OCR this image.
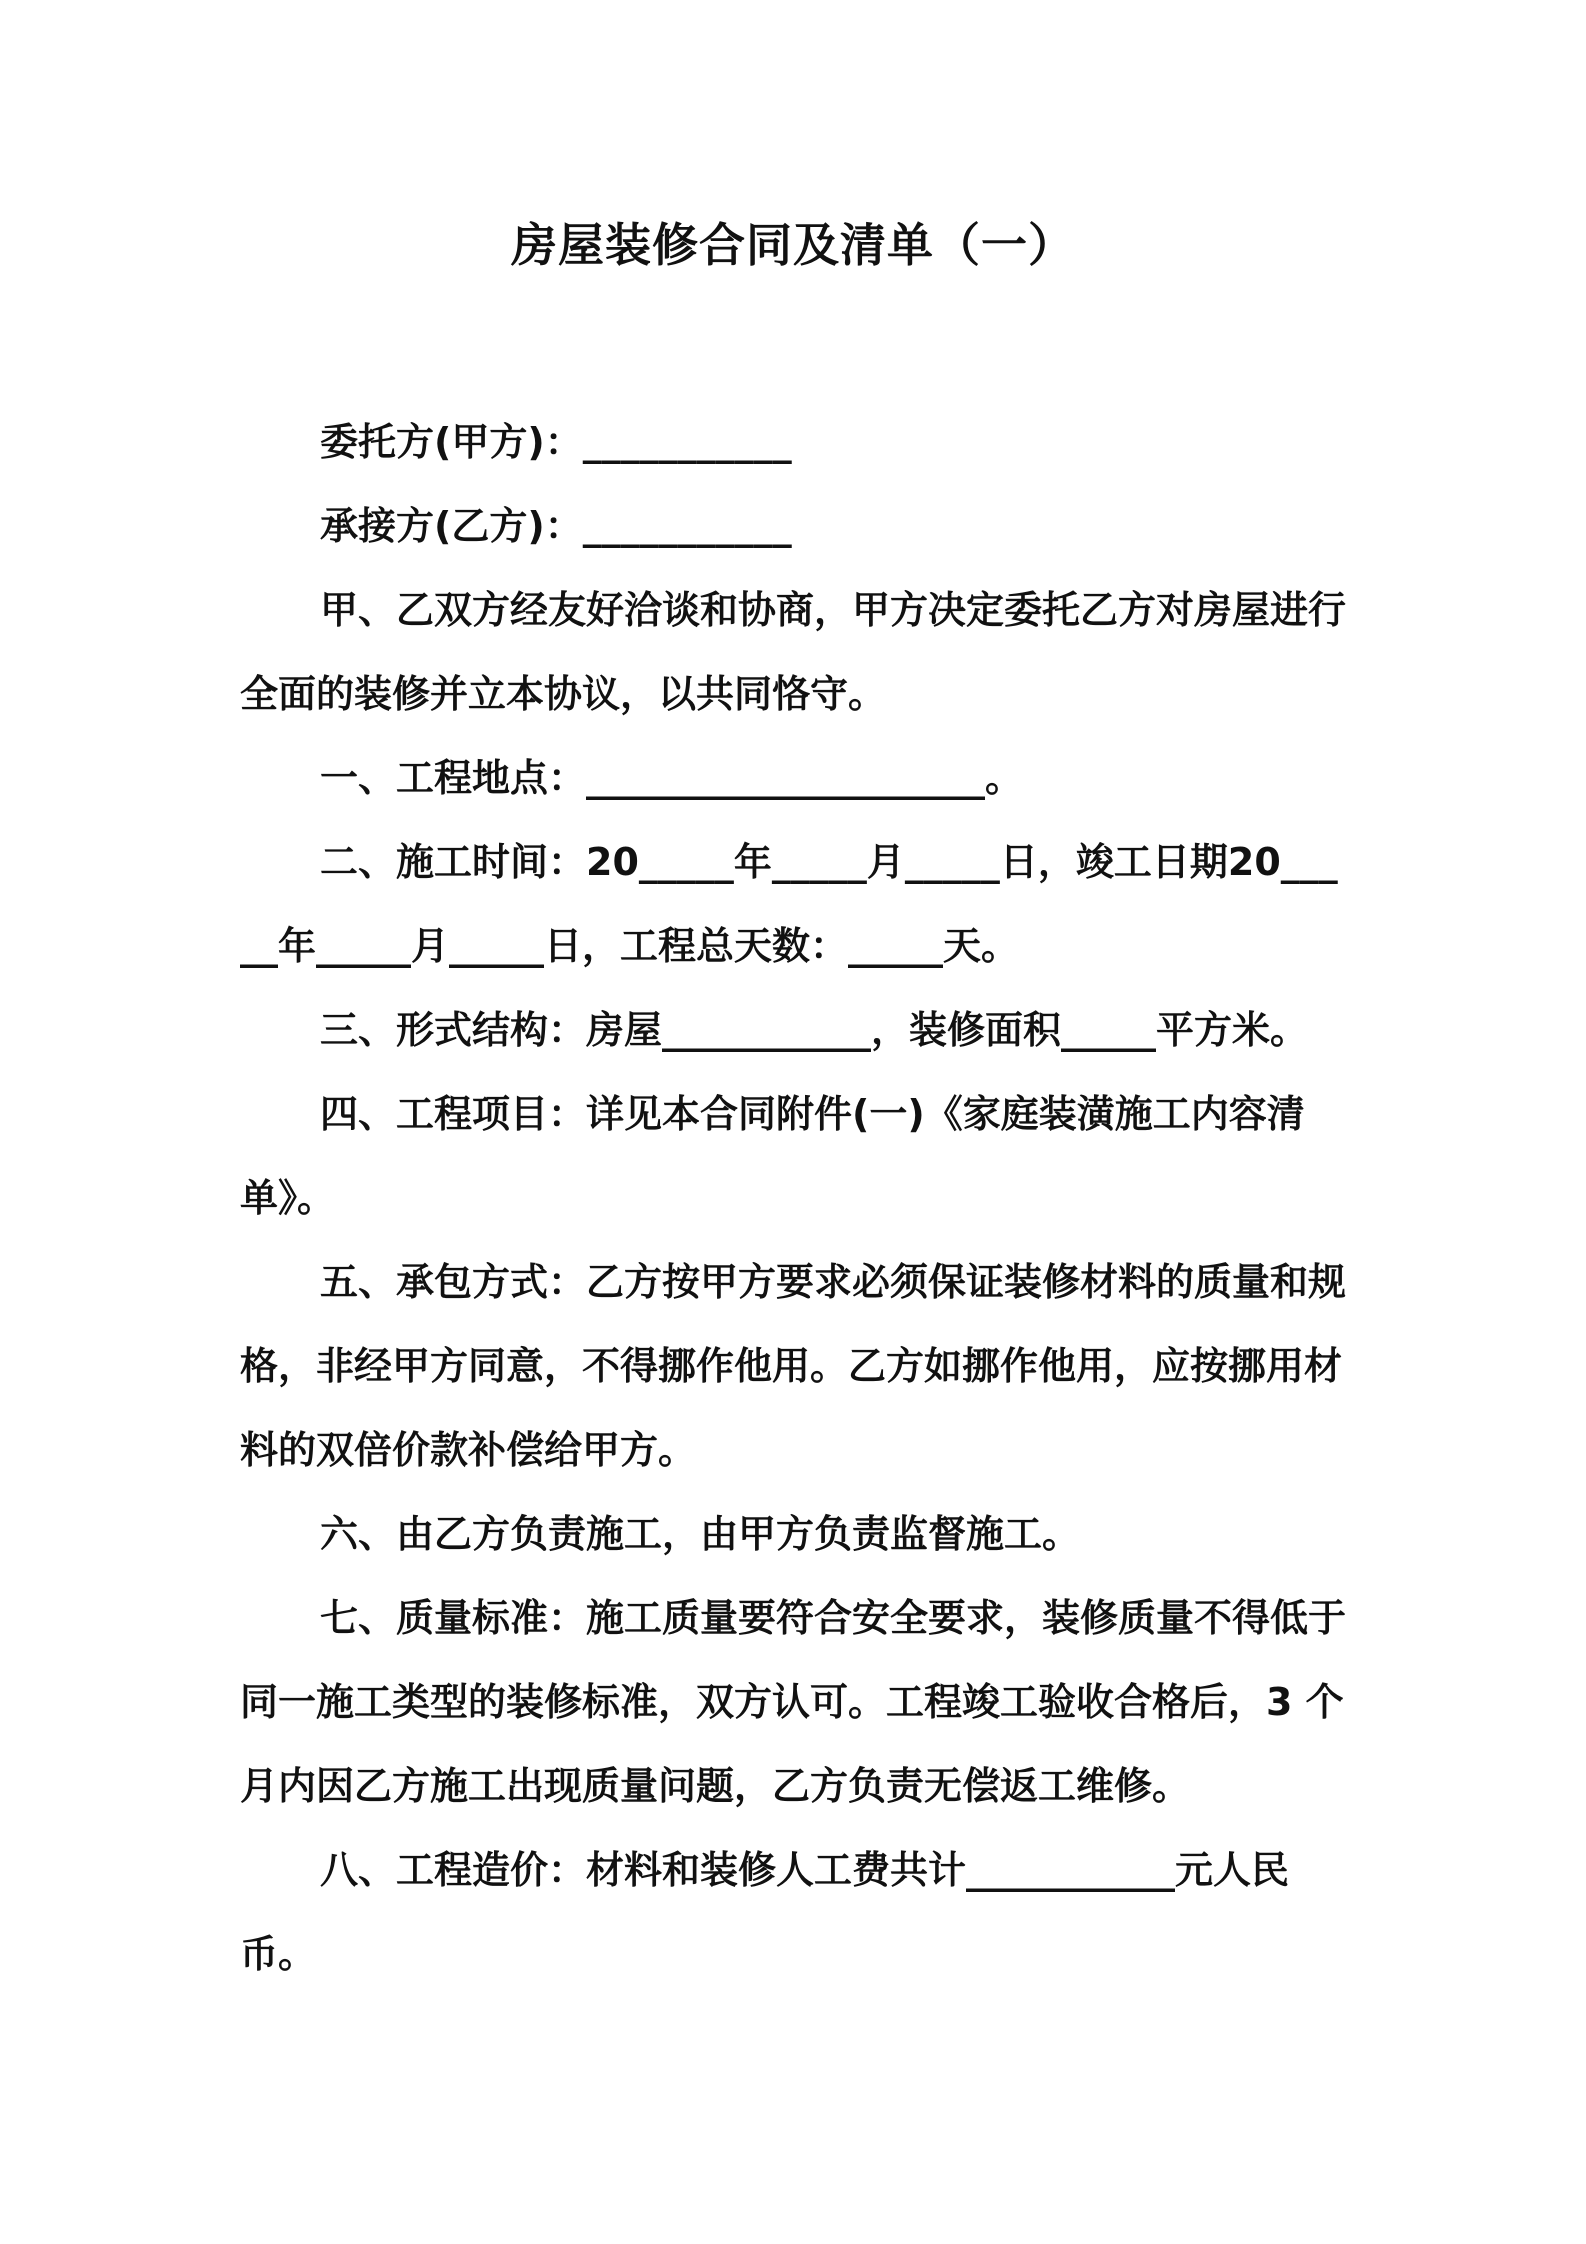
房屋装修合同及清单（一）

委托方(甲方)：___________

承接方(乙方)：___________

甲、乙双方经友好洽谈和协商，甲方决定委托乙方对房屋进行全面的装修并立本协议，以共同恪守。

一、工程地点：_____________________。

二、施工时间：20_____年_____月_____日，竣工日期20_____年_____月_____日，工程总天数：_____天。

三、形式结构：房屋___________，装修面积_____平方米。

四、工程项目：详见本合同附件(一)《家庭装潢施工内容清单》。

五、承包方式：乙方按甲方要求必须保证装修材料的质量和规格，非经甲方同意，不得挪作他用。乙方如挪作他用，应按挪用材料的双倍价款补偿给甲方。

六、由乙方负责施工，由甲方负责监督施工。

七、质量标准：施工质量要符合安全要求，装修质量不得低于同一施工类型的装修标准，双方认可。工程竣工验收合格后，3 个月内因乙方施工出现质量问题，乙方负责无偿返工维修。

八、工程造价：材料和装修人工费共计___________元人民币。
